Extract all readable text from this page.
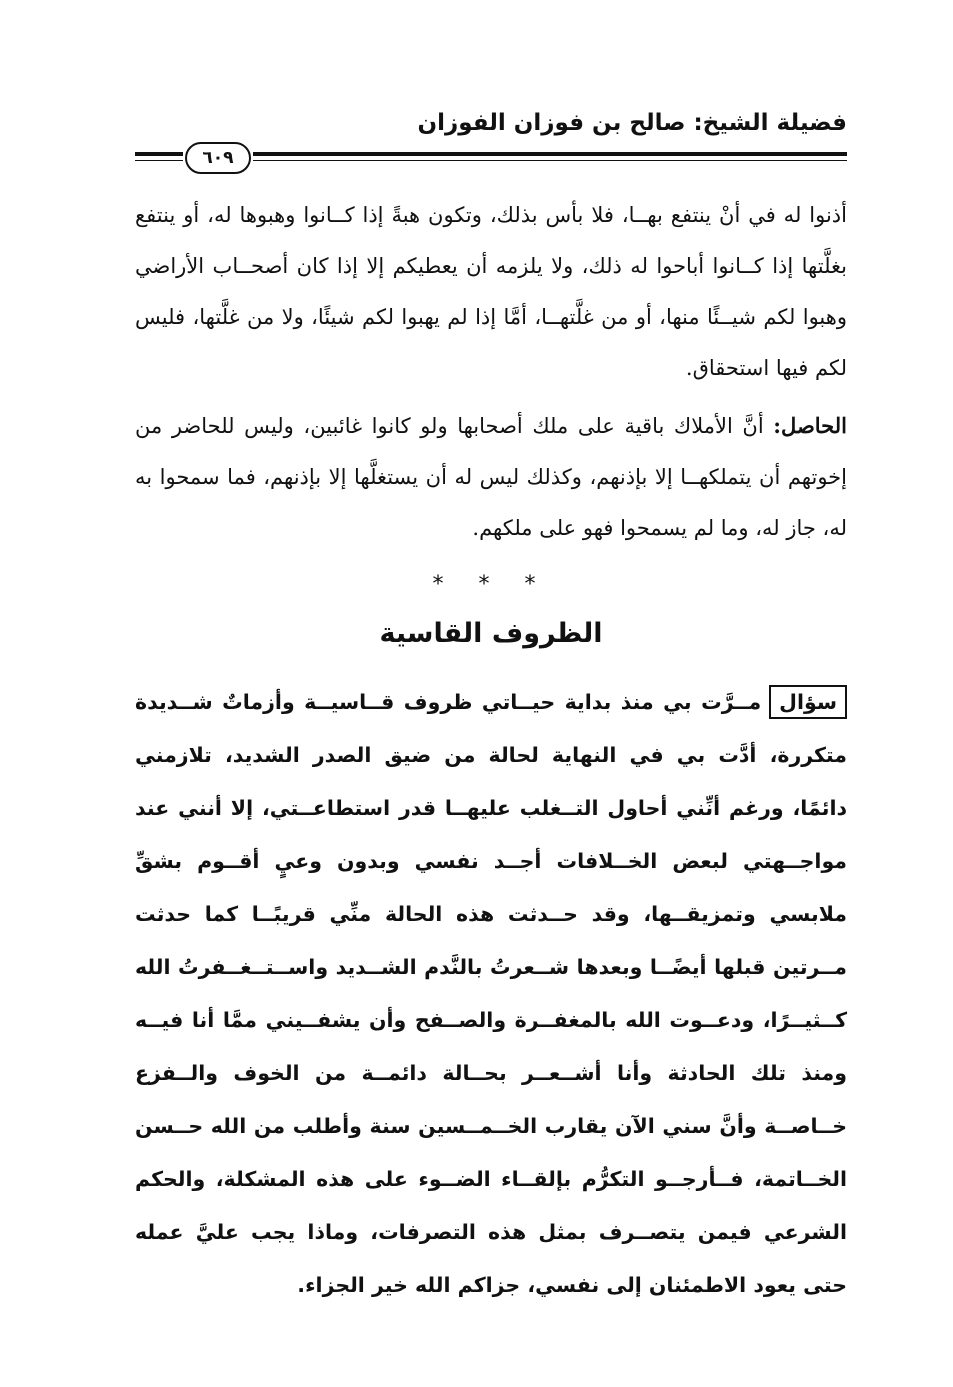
فضيلة الشيخ: صالح بن فوزان الفوزان
٦٠٩

أذنوا له في أنْ ينتفع بهــا، فلا بأس بذلك، وتكون هبةً إذا كــانوا وهبوها له، أو ينتفع بغلَّتها إذا كــانوا أباحوا له ذلك، ولا يلزمه أن يعطيكم إلا إذا كان أصحــاب الأراضي وهبوا لكم شيــئًا منها، أو من غلَّتهــا، أمَّا إذا لم يهبوا لكم شيئًا، ولا من غلَّتها، فليس لكم فيها استحقاق.

الحاصل: أنَّ الأملاك باقية على ملك أصحابها ولو كانوا غائبين، وليس للحاضر من إخوتهم أن يتملكهــا إلا بإذنهم، وكذلك ليس له أن يستغلَّها إلا بإذنهم، فما سمحوا به له، جاز له، وما لم يسمحوا فهو على ملكهم.

* * *
الظروف القاسية

سؤالمــرَّت بي منذ بداية حيــاتي ظروف قــاسيــة وأزماتٌ شــديدة متكررة، أدَّت بي في النهاية لحالة من ضيق الصدر الشديد، تلازمني دائمًا، ورغم أنِّني أحاول التــغلب عليهــا قدر استطاعــتي، إلا أنني عند مواجــهتي لبعض الخــلافات أجــد نفسي وبدون وعيٍ أقــوم بشقِّ ملابسي وتمزيقــها، وقد حــدثت هذه الحالة منِّي قريبًــا كما حدثت مــرتين قبلها أيضًــا وبعدها شــعرتُ بالنَّدم الشــديد واســتــغــفرتُ الله كــثيــرًا، ودعــوت الله بالمغفــرة والصــفح وأن يشفــيني ممَّا أنا فيــه ومنذ تلك الحادثة وأنا أشــعــر بحــالة دائمــة من الخوف والــفزع خــاصــة وأنَّ سني الآن يقارب الخــمــسين سنة وأطلب من الله حــسن الخــاتمة، فــأرجــو التكرُّم بإلقــاء الضــوء على هذه المشكلة، والحكم الشرعي فيمن يتصــرف بمثل هذه التصرفات، وماذا يجب عليَّ عمله حتى يعود الاطمئنان إلى نفسي، جزاكم الله خير الجزاء.
